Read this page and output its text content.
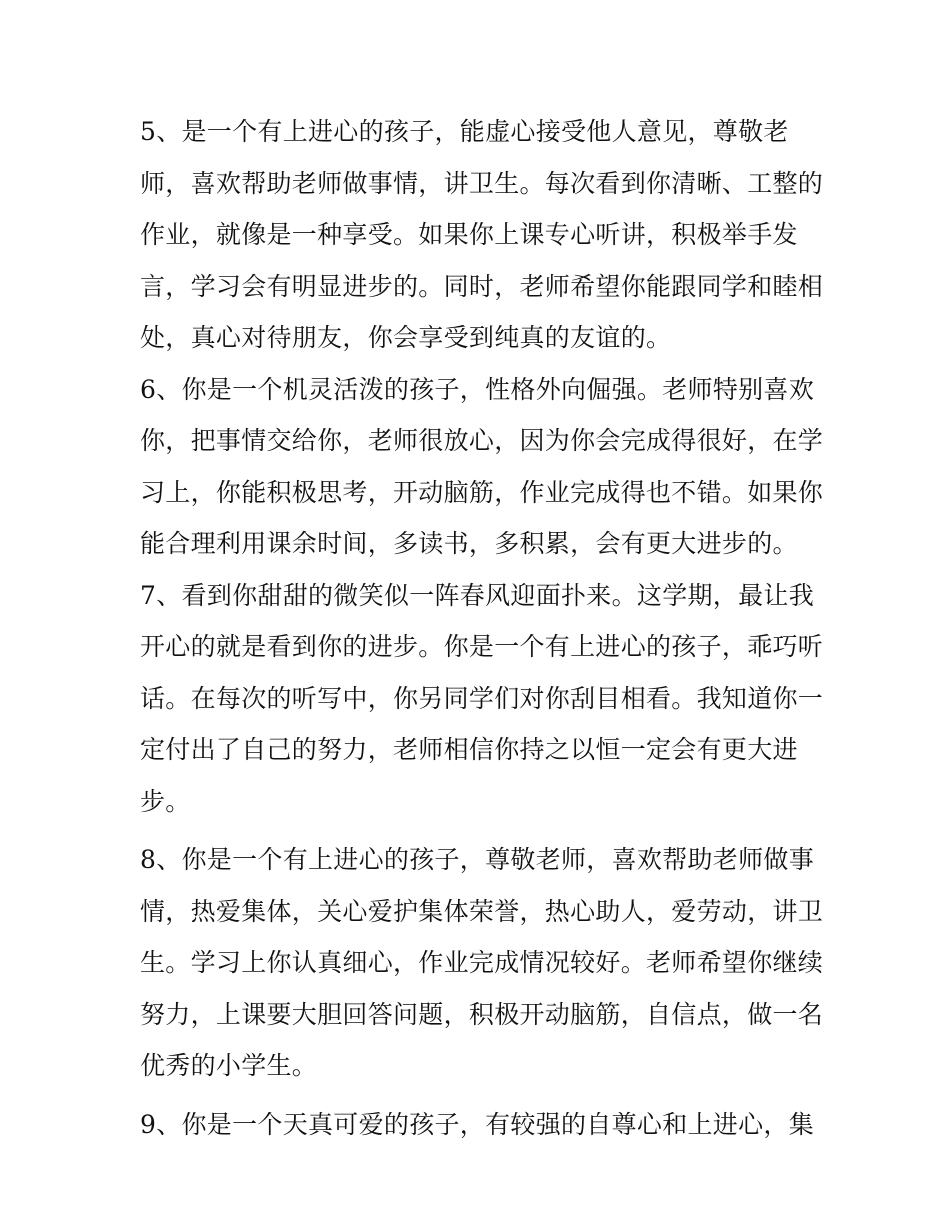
5、是一个有上进心的孩子，能虚心接受他人意见，尊敬老
师，喜欢帮助老师做事情，讲卫生。每次看到你清晰、工整的
作业，就像是一种享受。如果你上课专心听讲，积极举手发
言，学习会有明显进步的。同时，老师希望你能跟同学和睦相
处，真心对待朋友，你会享受到纯真的友谊的。
6、你是一个机灵活泼的孩子，性格外向倔强。老师特别喜欢
你，把事情交给你，老师很放心，因为你会完成得很好，在学
习上，你能积极思考，开动脑筋，作业完成得也不错。如果你
能合理利用课余时间，多读书，多积累，会有更大进步的。
7、看到你甜甜的微笑似一阵春风迎面扑来。这学期，最让我
开心的就是看到你的进步。你是一个有上进心的孩子，乖巧听
话。在每次的听写中，你另同学们对你刮目相看。我知道你一
定付出了自己的努力，老师相信你持之以恒一定会有更大进
步。
8、你是一个有上进心的孩子，尊敬老师，喜欢帮助老师做事
情，热爱集体，关心爱护集体荣誉，热心助人，爱劳动，讲卫
生。学习上你认真细心，作业完成情况较好。老师希望你继续
努力，上课要大胆回答问题，积极开动脑筋，自信点，做一名
优秀的小学生。
9、你是一个天真可爱的孩子，有较强的自尊心和上进心，集
